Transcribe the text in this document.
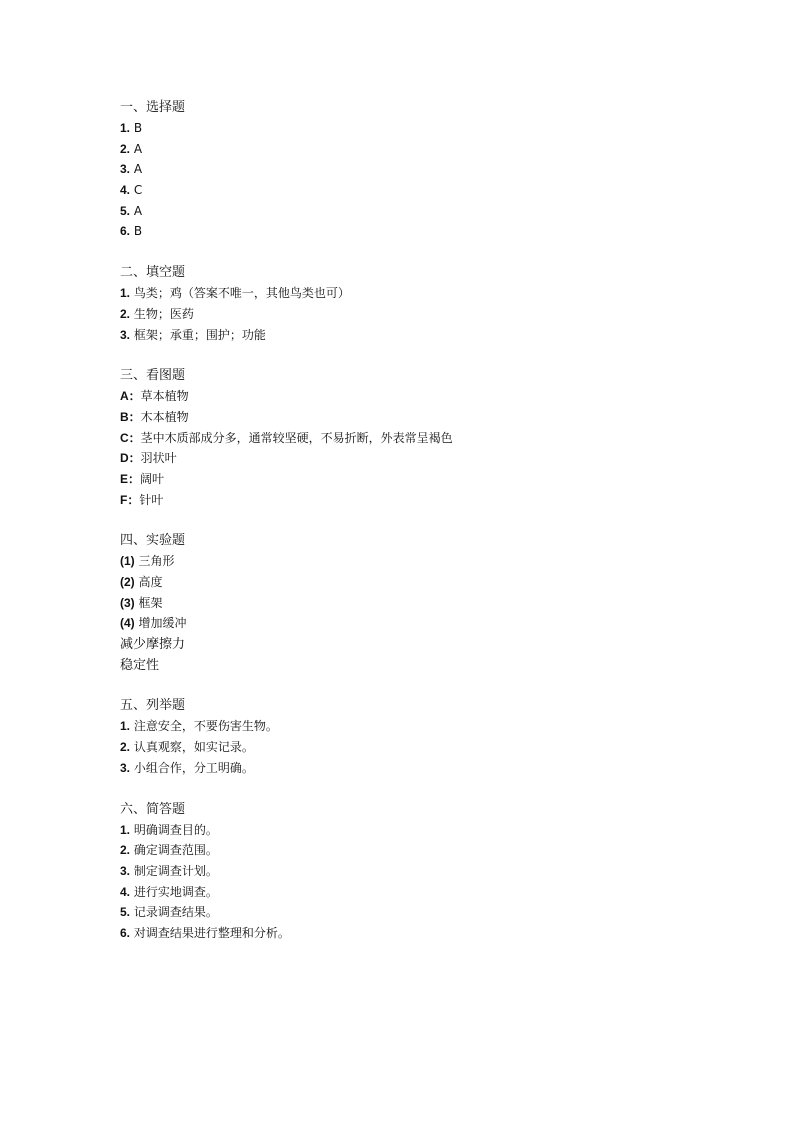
一、选择题
1. B
2. A
3. A
4. C
5. A
6. B
二、填空题
1. 鸟类；鸡（答案不唯一，其他鸟类也可）
2. 生物；医药
3. 框架；承重；围护；功能
三、看图题
A：草本植物
B：木本植物
C：茎中木质部成分多，通常较坚硬，不易折断，外表常呈褐色
D：羽状叶
E：阔叶
F：针叶
四、实验题
(1) 三角形
(2) 高度
(3) 框架
(4) 增加缓冲
减少摩擦力
稳定性
五、列举题
1. 注意安全，不要伤害生物。
2. 认真观察，如实记录。
3. 小组合作，分工明确。
六、简答题
1. 明确调查目的。
2. 确定调查范围。
3. 制定调查计划。
4. 进行实地调查。
5. 记录调查结果。
6. 对调查结果进行整理和分析。
